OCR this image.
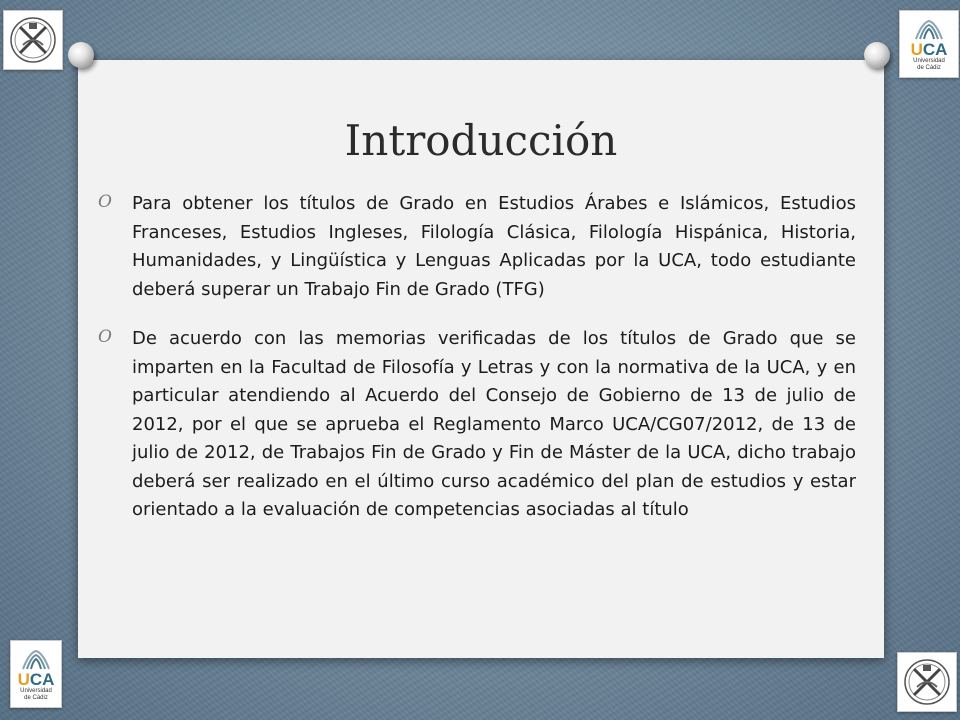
UCA
Universidad
de Cádiz
UCA
Universidad
de Cádiz
Introducción
O Para obtener los títulos de Grado en Estudios Árabes e Islámicos, Estudios Franceses, Estudios Ingleses, Filología Clásica, Filología Hispánica, Historia, Humanidades, y Lingüística y Lenguas Aplicadas por la UCA, todo estudiante deberá superar un Trabajo Fin de Grado (TFG)
O De acuerdo con las memorias verificadas de los títulos de Grado que se imparten en la Facultad de Filosofía y Letras y con la normativa de la UCA, y en particular atendiendo al Acuerdo del Consejo de Gobierno de 13 de julio de 2012, por el que se aprueba el Reglamento Marco UCA/CG07/2012, de 13 de julio de 2012, de Trabajos Fin de Grado y Fin de Máster de la UCA, dicho trabajo deberá ser realizado en el último curso académico del plan de estudios y estar orientado a la evaluación de competencias asociadas al título
